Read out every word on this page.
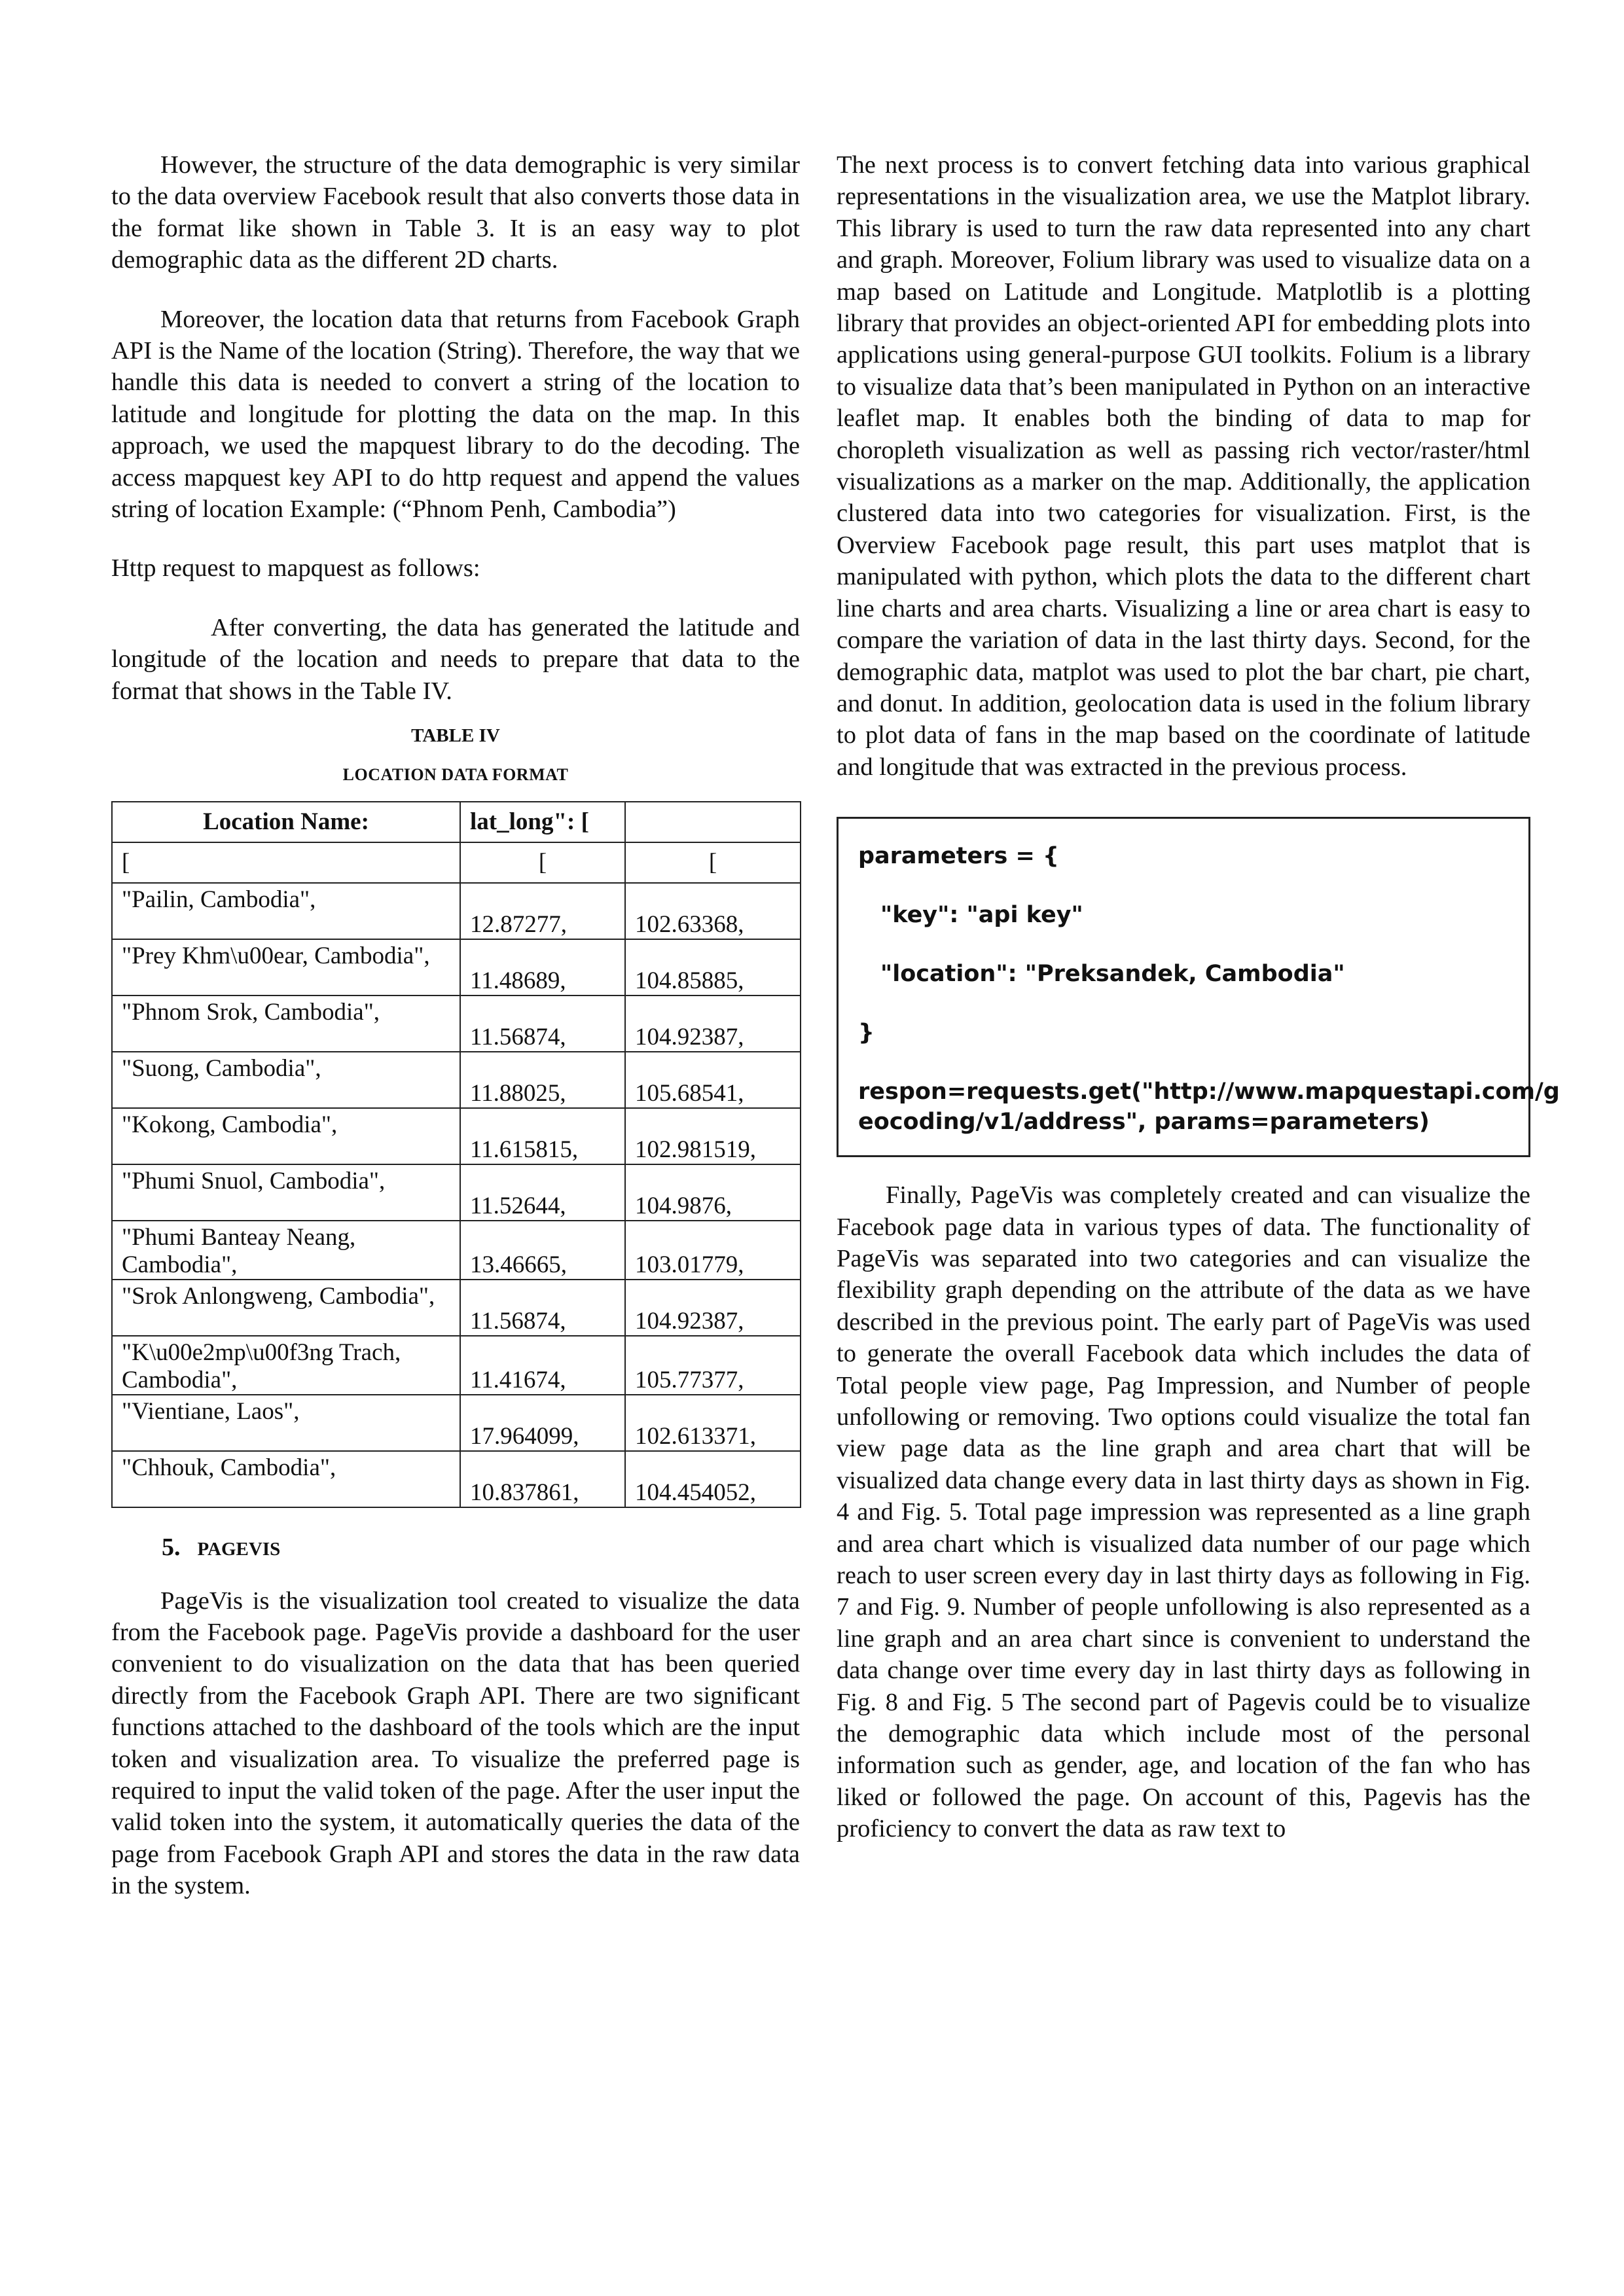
However, the structure of the data demographic is very similar to the data overview Facebook result that also converts those data in the format like shown in Table 3. It is an easy way to plot demographic data as the different 2D charts.

Moreover, the location data that returns from Facebook Graph API is the Name of the location (String). Therefore, the way that we handle this data is needed to convert a string of the location to latitude and longitude for plotting the data on the map. In this approach, we used the mapquest library to do the decoding. The access mapquest key API to do http request and append the values string of location Example: (“Phnom Penh, Cambodia”)

Http request to mapquest as follows:

After converting, the data has generated the latitude and longitude of the location and needs to prepare that data to the format that shows in the Table IV.

TABLE IV

LOCATION DATA FORMAT

Location Name:	lat_long": [	
[	[	[
"Pailin, Cambodia",	12.87277,	102.63368,
"Prey Khm\u00ear, Cambodia",	11.48689,	104.85885,
"Phnom Srok, Cambodia",	11.56874,	104.92387,
"Suong, Cambodia",	11.88025,	105.68541,
"Kokong, Cambodia",	11.615815,	102.981519,
"Phumi Snuol, Cambodia",	11.52644,	104.9876,
"Phumi Banteay Neang, Cambodia",	13.46665,	103.01779,
"Srok Anlongweng, Cambodia",	11.56874,	104.92387,
"K\u00e2mp\u00f3ng Trach, Cambodia",	11.41674,	105.77377,
"Vientiane, Laos",	17.964099,	102.613371,
"Chhouk, Cambodia",	10.837861,	104.454052,

5. PAGEVIS

PageVis is the visualization tool created to visualize the data from the Facebook page. PageVis provide a dashboard for the user convenient to do visualization on the data that has been queried directly from the Facebook Graph API. There are two significant functions attached to the dashboard of the tools which are the input token and visualization area. To visualize the preferred page is required to input the valid token of the page. After the user input the valid token into the system, it automatically queries the data of the page from Facebook Graph API and stores the data in the raw data in the system.

The next process is to convert fetching data into various graphical representations in the visualization area, we use the Matplot library. This library is used to turn the raw data represented into any chart and graph. Moreover, Folium library was used to visualize data on a map based on Latitude and Longitude. Matplotlib is a plotting library that provides an object-oriented API for embedding plots into applications using general-purpose GUI toolkits. Folium is a library to visualize data that’s been manipulated in Python on an interactive leaflet map. It enables both the binding of data to map for choropleth visualization as well as passing rich vector/raster/html visualizations as a marker on the map. Additionally, the application clustered data into two categories for visualization. First, is the Overview Facebook page result, this part uses matplot that is manipulated with python, which plots the data to the different chart line charts and area charts. Visualizing a line or area chart is easy to compare the variation of data in the last thirty days. Second, for the demographic data, matplot was used to plot the bar chart, pie chart, and donut. In addition, geolocation data is used in the folium library to plot data of fans in the map based on the coordinate of latitude and longitude that was extracted in the previous process.

parameters = {

"key": "api key"

"location": "Preksandek, Cambodia"

}

respon=requests.get("http://www.mapquestapi.com/g

eocoding/v1/address", params=parameters)

Finally, PageVis was completely created and can visualize the Facebook page data in various types of data. The functionality of PageVis was separated into two categories and can visualize the flexibility graph depending on the attribute of the data as we have described in the previous point. The early part of PageVis was used to generate the overall Facebook data which includes the data of Total people view page, Pag Impression, and Number of people unfollowing or removing. Two options could visualize the total fan view page data as the line graph and area chart that will be visualized data change every data in last thirty days as shown in Fig. 4 and Fig. 5. Total page impression was represented as a line graph and area chart which is visualized data number of our page which reach to user screen every day in last thirty days as following in Fig. 7 and Fig. 9. Number of people unfollowing is also represented as a line graph and an area chart since is convenient to understand the data change over time every day in last thirty days as following in Fig. 8 and Fig. 5 The second part of Pagevis could be to visualize the demographic data which include most of the personal information such as gender, age, and location of the fan who has liked or followed the page. On account of this, Pagevis has the proficiency to convert the data as raw text to
